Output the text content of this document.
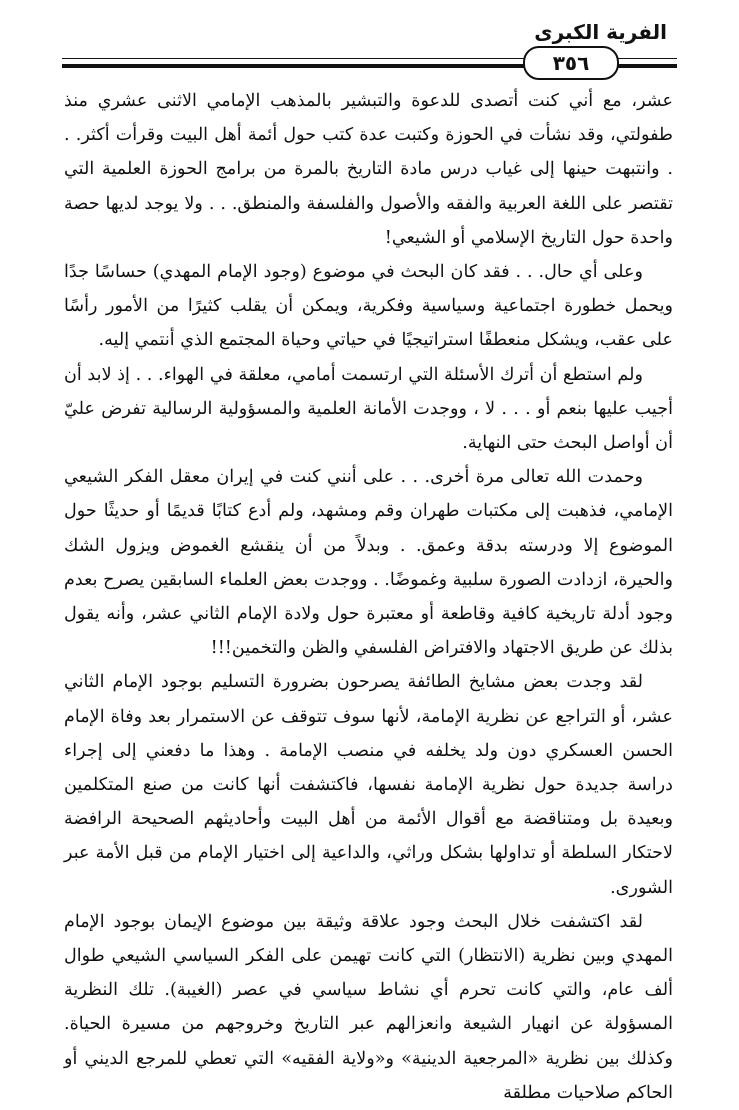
الفرية الكبرى
٣٥٦

عشر، مع أني كنت أتصدى للدعوة والتبشير بالمذهب الإمامي الاثنى عشري منذ طفولتي، وقد نشأت في الحوزة وكتبت عدة كتب حول أئمة أهل البيت وقرأت أكثر. . . وانتبهت حينها إلى غياب درس مادة التاريخ بالمرة من برامج الحوزة العلمية التي تقتصر على اللغة العربية والفقه والأصول والفلسفة والمنطق. . . ولا يوجد لديها حصة واحدة حول التاريخ الإسلامي أو الشيعي!

وعلى أي حال. . . فقد كان البحث في موضوع (وجود الإمام المهدي) حساسًا جدًا ويحمل خطورة اجتماعية وسياسية وفكرية، ويمكن أن يقلب كثيرًا من الأمور رأسًا على عقب، ويشكل منعطفًا استراتيجيًا في حياتي وحياة المجتمع الذي أنتمي إليه.

ولم استطع أن أترك الأسئلة التي ارتسمت أمامي، معلقة في الهواء. . . إذ لابد أن أجيب عليها بنعم أو . . . لا ، ووجدت الأمانة العلمية والمسؤولية الرسالية تفرض عليّ أن أواصل البحث حتى النهاية.

وحمدت الله تعالى مرة أخرى. . . على أنني كنت في إيران معقل الفكر الشيعي الإمامي، فذهبت إلى مكتبات طهران وقم ومشهد، ولم أدع كتابًا قديمًا أو حديثًا حول الموضوع إلا ودرسته بدقة وعمق. . وبدلاً من أن ينقشع الغموض ويزول الشك والحيرة، ازدادت الصورة سلبية وغموضًا. . ووجدت بعض العلماء السابقين يصرح بعدم وجود أدلة تاريخية كافية وقاطعة أو معتبرة حول ولادة الإمام الثاني عشر، وأنه يقول بذلك عن طريق الاجتهاد والافتراض الفلسفي والظن والتخمين!!!

لقد وجدت بعض مشايخ الطائفة يصرحون بضرورة التسليم بوجود الإمام الثاني عشر، أو التراجع عن نظرية الإمامة، لأنها سوف تتوقف عن الاستمرار بعد وفاة الإمام الحسن العسكري دون ولد يخلفه في منصب الإمامة . وهذا ما دفعني إلى إجراء دراسة جديدة حول نظرية الإمامة نفسها، فاكتشفت أنها كانت من صنع المتكلمين وبعيدة بل ومتناقضة مع أقوال الأئمة من أهل البيت وأحاديثهم الصحيحة الرافضة لاحتكار السلطة أو تداولها بشكل وراثي، والداعية إلى اختيار الإمام من قبل الأمة عبر الشورى.

لقد اكتشفت خلال البحث وجود علاقة وثيقة بين موضوع الإيمان بوجود الإمام المهدي وبين نظرية (الانتظار) التي كانت تهيمن على الفكر السياسي الشيعي طوال ألف عام، والتي كانت تحرم أي نشاط سياسي في عصر (الغيبة). تلك النظرية المسؤولة عن انهيار الشيعة وانعزالهم عبر التاريخ وخروجهم من مسيرة الحياة. وكذلك بين نظرية «المرجعية الدينية» و«ولاية الفقيه» التي تعطي للمرجع الديني أو الحاكم صلاحيات مطلقة
